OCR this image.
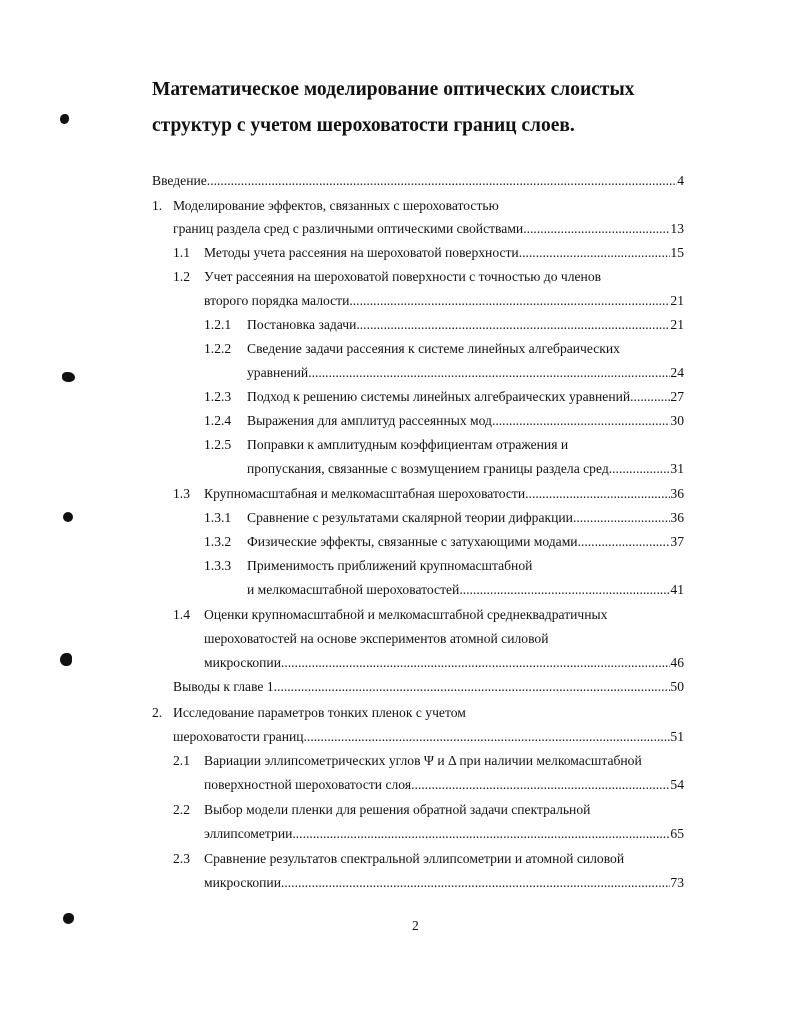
Математическое моделирование оптических слоистых
структур с учетом шероховатости границ слоев.
Введение .....	4
1. Моделирование эффектов, связанных с шероховатостью
границ раздела сред с различными оптическими свойствами .....	13
1.1 Методы учета рассеяния на шероховатой поверхности .....	15
1.2 Учет рассеяния на шероховатой поверхности с точностью до членов
второго порядка малости .....	21
1.2.1 Постановка задачи .....	21
1.2.2 Сведение задачи рассеяния к системе линейных алгебраических
уравнений .....	24
1.2.3 Подход к решению системы линейных алгебраических уравнений .....	27
1.2.4 Выражения для амплитуд рассеянных мод .....	30
1.2.5 Поправки к амплитудным коэффициентам отражения и
пропускания, связанные с возмущением границы раздела сред .....	31
1.3 Крупномасштабная и мелкомасштабная шероховатости .....	36
1.3.1 Сравнение с результатами скалярной теории дифракции .....	36
1.3.2 Физические эффекты, связанные с затухающими модами .....	37
1.3.3 Применимость приближений крупномасштабной
и мелкомасштабной шероховатостей .....	41
1.4 Оценки крупномасштабной и мелкомасштабной среднеквадратичных
шероховатостей на основе экспериментов атомной силовой
микроскопии .....	46
Выводы к главе 1 .....	50
2. Исследование параметров тонких пленок с учетом
шероховатости границ .....	51
2.1 Вариации эллипсометрических углов Ψ и Δ при наличии мелкомасштабной
поверхностной шероховатости слоя .....	54
2.2 Выбор модели пленки для решения обратной задачи спектральной
эллипсометрии .....	65
2.3 Сравнение результатов спектральной эллипсометрии и атомной силовой
микроскопии .....	73
2
